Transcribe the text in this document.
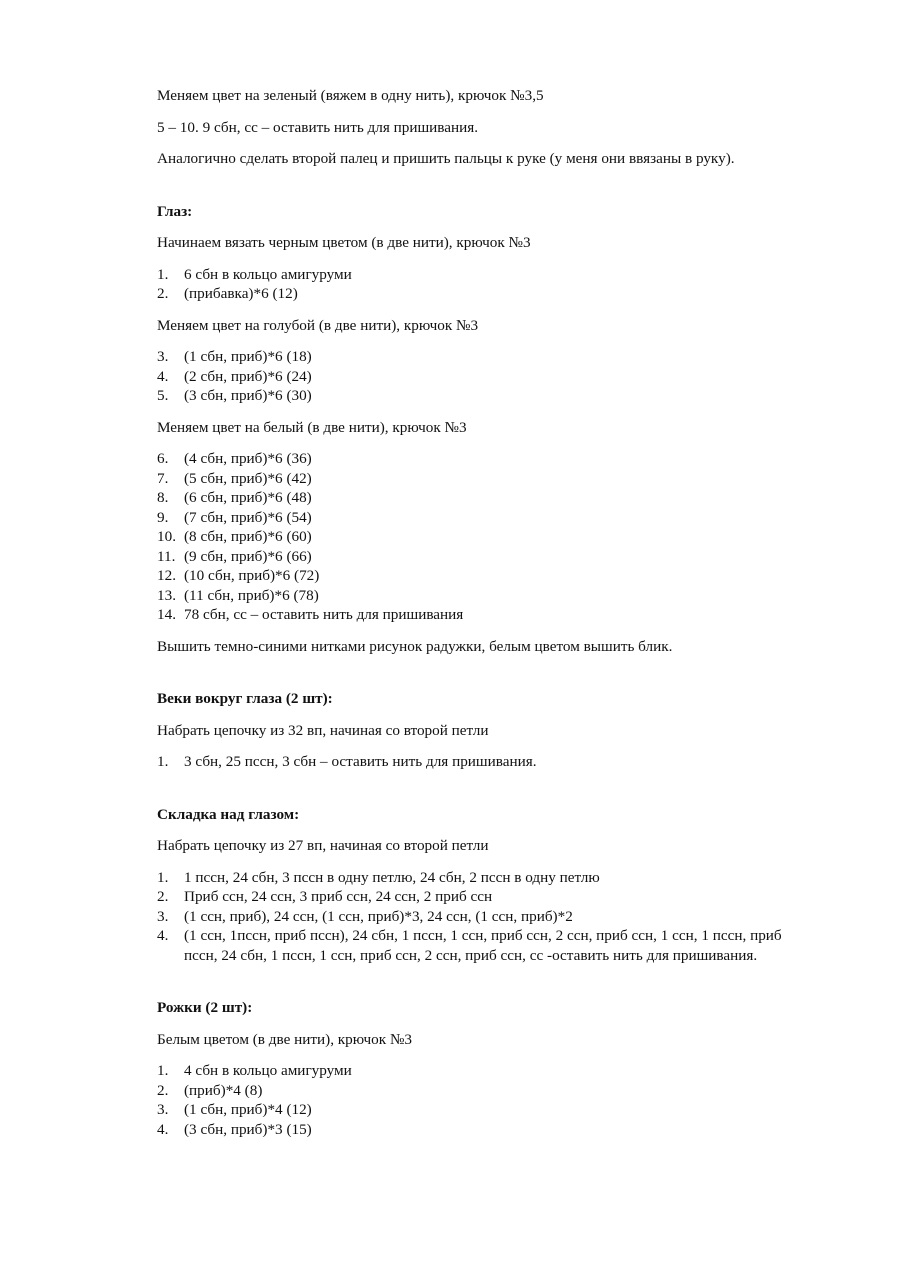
Меняем цвет на зеленый (вяжем в одну нить), крючок №3,5

5 – 10. 9 сбн, сс – оставить нить для пришивания.

Аналогично сделать второй палец и пришить пальцы к руке (у меня они ввязаны в руку).

Глаз:

Начинаем вязать черным цветом (в две нити), крючок №3

1. 6 сбн в кольцо амигуруми
2. (прибавка)*6 (12)

Меняем цвет на голубой (в две нити), крючок №3

3. (1 сбн, приб)*6 (18)
4. (2 сбн, приб)*6 (24)
5. (3 сбн, приб)*6 (30)

Меняем цвет на белый (в две нити), крючок №3

6. (4 сбн, приб)*6 (36)
7. (5 сбн, приб)*6 (42)
8. (6 сбн, приб)*6 (48)
9. (7 сбн, приб)*6 (54)
10. (8 сбн, приб)*6 (60)
11. (9 сбн, приб)*6 (66)
12. (10 сбн, приб)*6 (72)
13. (11 сбн, приб)*6 (78)
14. 78 сбн, сс – оставить нить для пришивания

Вышить темно-синими нитками рисунок радужки, белым цветом вышить блик.

Веки вокруг глаза (2 шт):

Набрать цепочку из 32 вп, начиная со второй петли

1. 3 сбн, 25 пссн, 3 сбн – оставить нить для пришивания.

Складка над глазом:

Набрать цепочку из 27 вп, начиная со второй петли

1. 1 пссн, 24 сбн, 3 пссн в одну петлю, 24 сбн, 2 пссн в одну петлю
2. Приб ссн, 24 ссн, 3 приб ссн, 24 ссн, 2 приб ссн
3. (1 ссн, приб), 24 ссн, (1 ссн, приб)*3, 24 ссн, (1 ссн, приб)*2
4. (1 ссн, 1пссн, приб пссн), 24 сбн, 1 пссн, 1 ссн, приб ссн, 2 ссн, приб ссн, 1 ссн, 1 пссн, приб пссн, 24 сбн, 1 пссн, 1 ссн, приб ссн, 2 ссн, приб ссн, сс -оставить нить для пришивания.

Рожки (2 шт):

Белым цветом (в две нити), крючок №3

1. 4 сбн в кольцо амигуруми
2. (приб)*4 (8)
3. (1 сбн, приб)*4 (12)
4. (3 сбн, приб)*3 (15)
